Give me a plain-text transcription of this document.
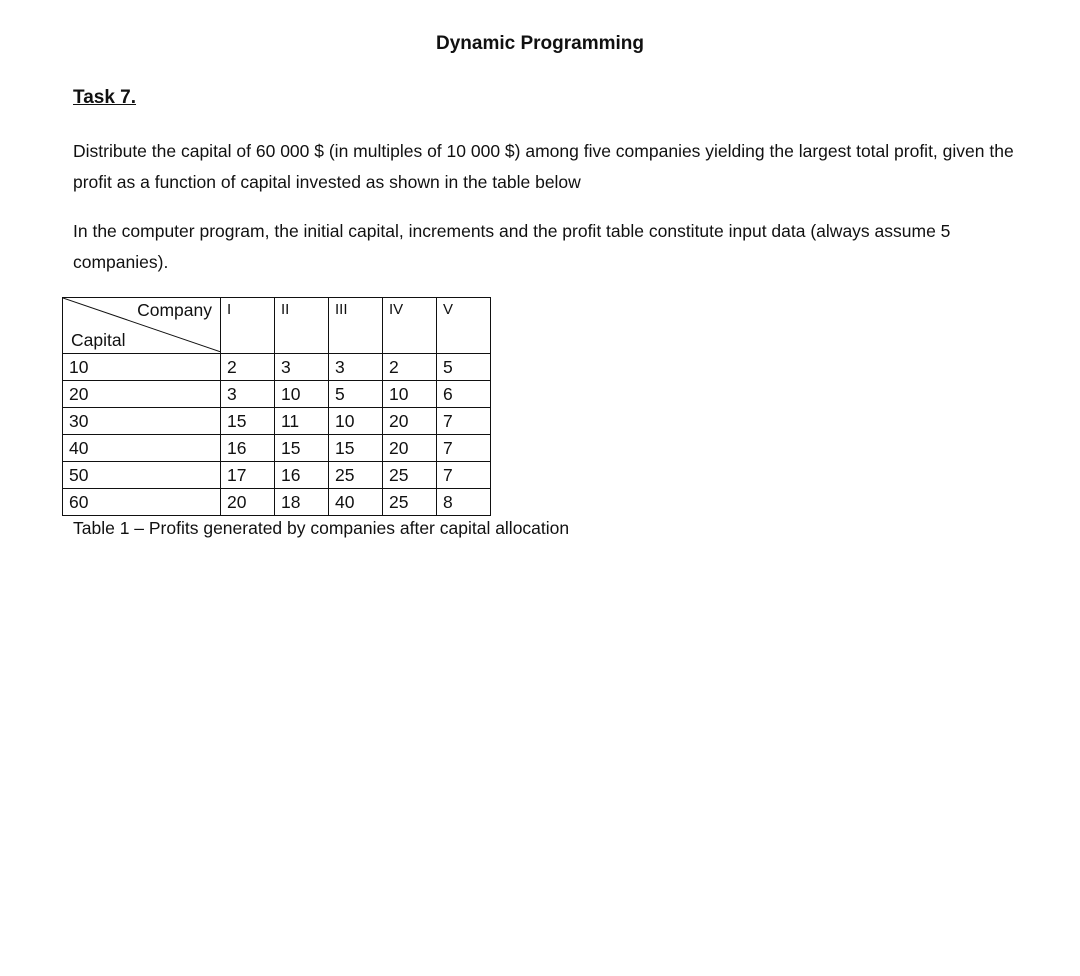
Dynamic Programming
Task 7.
Distribute the capital of 60 000 $ (in multiples of 10 000 $) among five companies yielding the largest total profit, given the profit as a function of capital invested as shown in the table below
In the computer program, the initial capital, increments and the profit table constitute input data (always assume 5 companies).
Company
Capital	I	II	III	IV	V
10	2	3	3	2	5
20	3	10	5	10	6
30	15	11	10	20	7
40	16	15	15	20	7
50	17	16	25	25	7
60	20	18	40	25	8
Table 1 – Profits generated by companies after capital allocation
